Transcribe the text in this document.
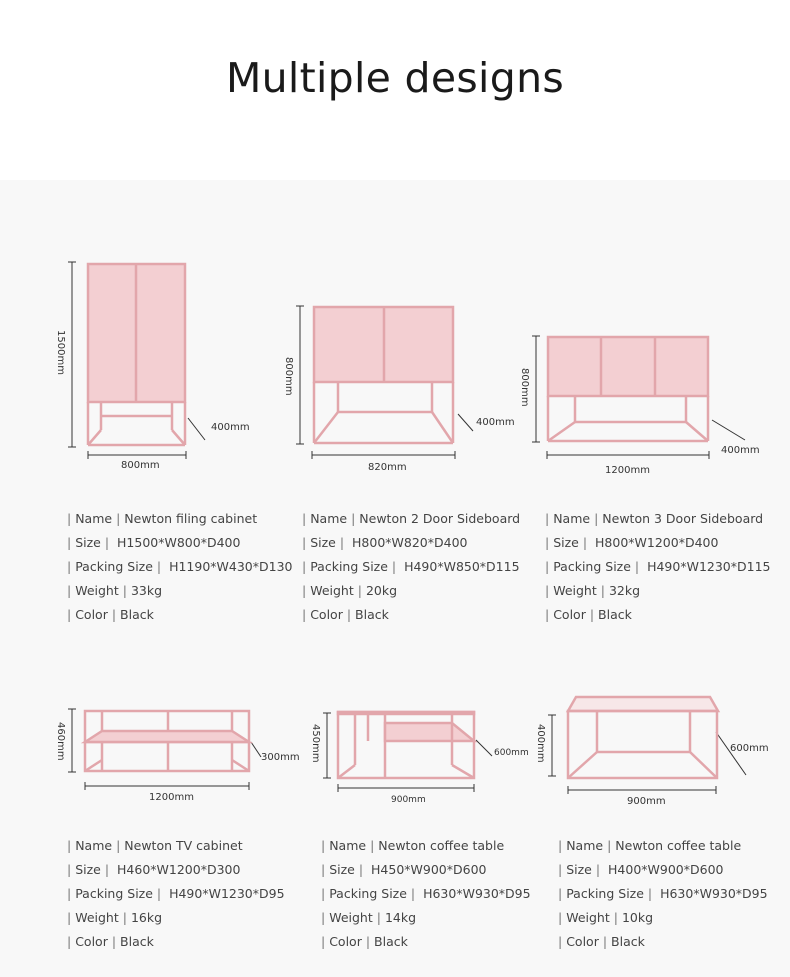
Multiple designs
1500mm
800mm
400mm
800mm
820mm
400mm
800mm
1200mm
400mm
460mm
1200mm
300mm 450mm
900mm
600mm 400mm
900mm
600mm
| Name | Newton filing cabinet
| Size | H1500*W800*D400
| Packing Size | H1190*W430*D130
| Weight | 33kg
| Color | Black
| Name | Newton 2 Door Sideboard
| Size | H800*W820*D400
| Packing Size | H490*W850*D115
| Weight | 20kg
| Color | Black
| Name | Newton 3 Door Sideboard
| Size | H800*W1200*D400
| Packing Size | H490*W1230*D115
| Weight | 32kg
| Color | Black
| Name | Newton TV cabinet
| Size | H460*W1200*D300
| Packing Size | H490*W1230*D95
| Weight | 16kg
| Color | Black
| Name | Newton coffee table
| Size | H450*W900*D600
| Packing Size | H630*W930*D95
| Weight | 14kg
| Color | Black
| Name | Newton coffee table
| Size | H400*W900*D600
| Packing Size | H630*W930*D95
| Weight | 10kg
| Color | Black
